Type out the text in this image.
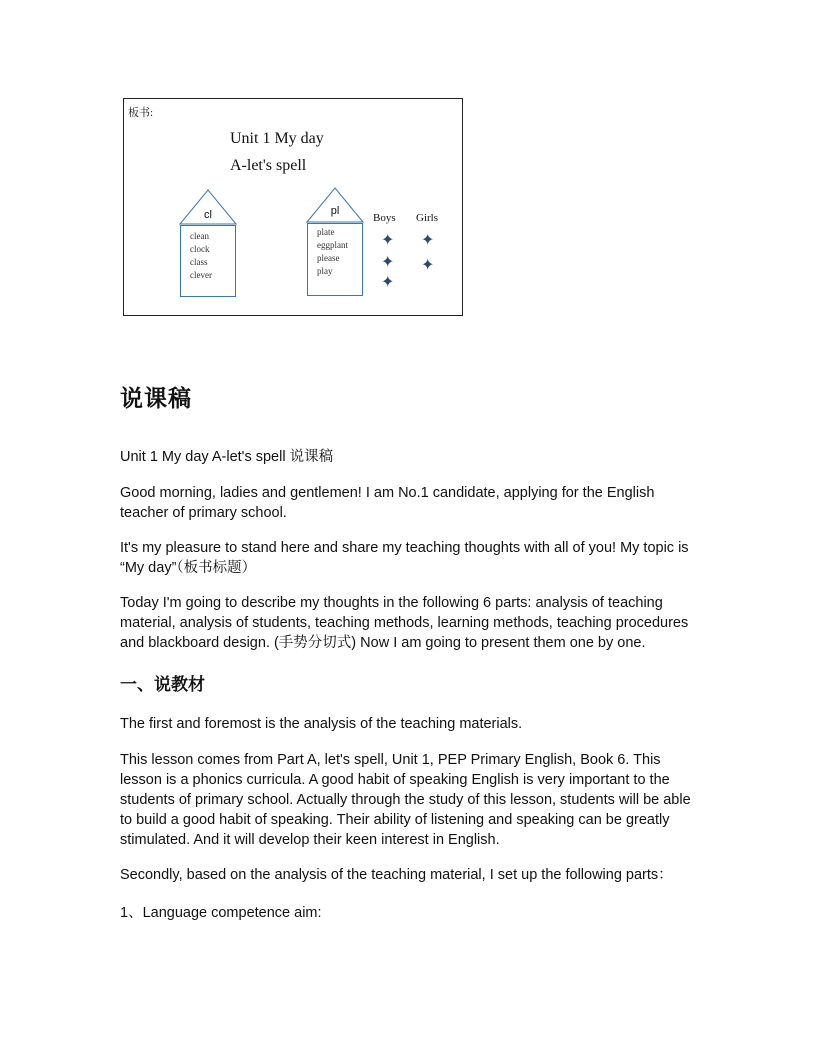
板书:
Unit 1 My day
A-let's spell
cl
clean
clock
class
clever
pl
plate
eggplant
please
play
Boys Girls
✦
✦
✦
✦
✦
说课稿

Unit 1 My day A-let's spell 说课稿

Good morning, ladies and gentlemen! I am No.1 candidate, applying for the English teacher of primary school.

It's my pleasure to stand here and share my teaching thoughts with all of you! My topic is “My day”（板书标题）

Today I'm going to describe my thoughts in the following 6 parts: analysis of teaching material, analysis of students, teaching methods, learning methods, teaching procedures and blackboard design. (手势分切式) Now I am going to present them one by one.

一、说教材

The first and foremost is the analysis of the teaching materials.

This lesson comes from Part A, let's spell, Unit 1, PEP Primary English, Book 6. This lesson is a phonics curricula. A good habit of speaking English is very important to the students of primary school. Actually through the study of this lesson, students will be able to build a good habit of speaking. Their ability of listening and speaking can be greatly stimulated. And it will develop their keen interest in English.

Secondly, based on the analysis of the teaching material, I set up the following parts：

1、Language competence aim:
